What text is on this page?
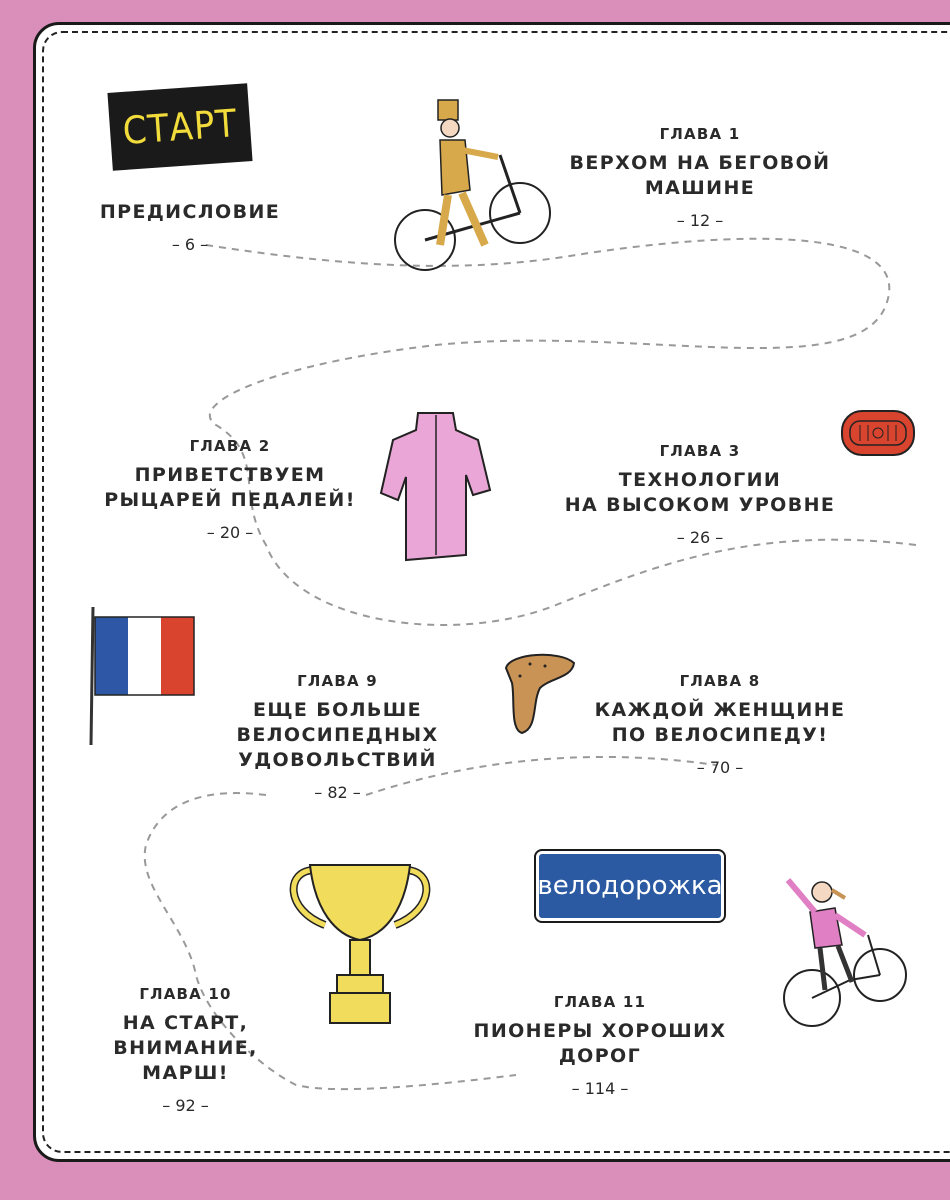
СТАРТ
ПРЕДИСЛОВИЕ
– 6 –
ГЛАВА 1
ВЕРХОМ НА БЕГОВОЙ
МАШИНЕ
– 12 –
ГЛАВА 2
ПРИВЕТСТВУЕМ
РЫЦАРЕЙ ПЕДАЛЕЙ!
– 20 –
ГЛАВА 3
ТЕХНОЛОГИИ
НА ВЫСОКОМ УРОВНЕ
– 26 –
ГЛАВА 9
ЕЩЕ БОЛЬШЕ
ВЕЛОСИПЕДНЫХ
УДОВОЛЬСТВИЙ
– 82 –
ГЛАВА 8
КАЖДОЙ ЖЕНЩИНЕ
ПО ВЕЛОСИПЕДУ!
– 70 –
велодорожка
ГЛАВА 10
НА СТАРТ, ВНИМАНИЕ,
МАРШ!
– 92 –
ГЛАВА 11
ПИОНЕРЫ ХОРОШИХ
ДОРОГ
– 114 –
